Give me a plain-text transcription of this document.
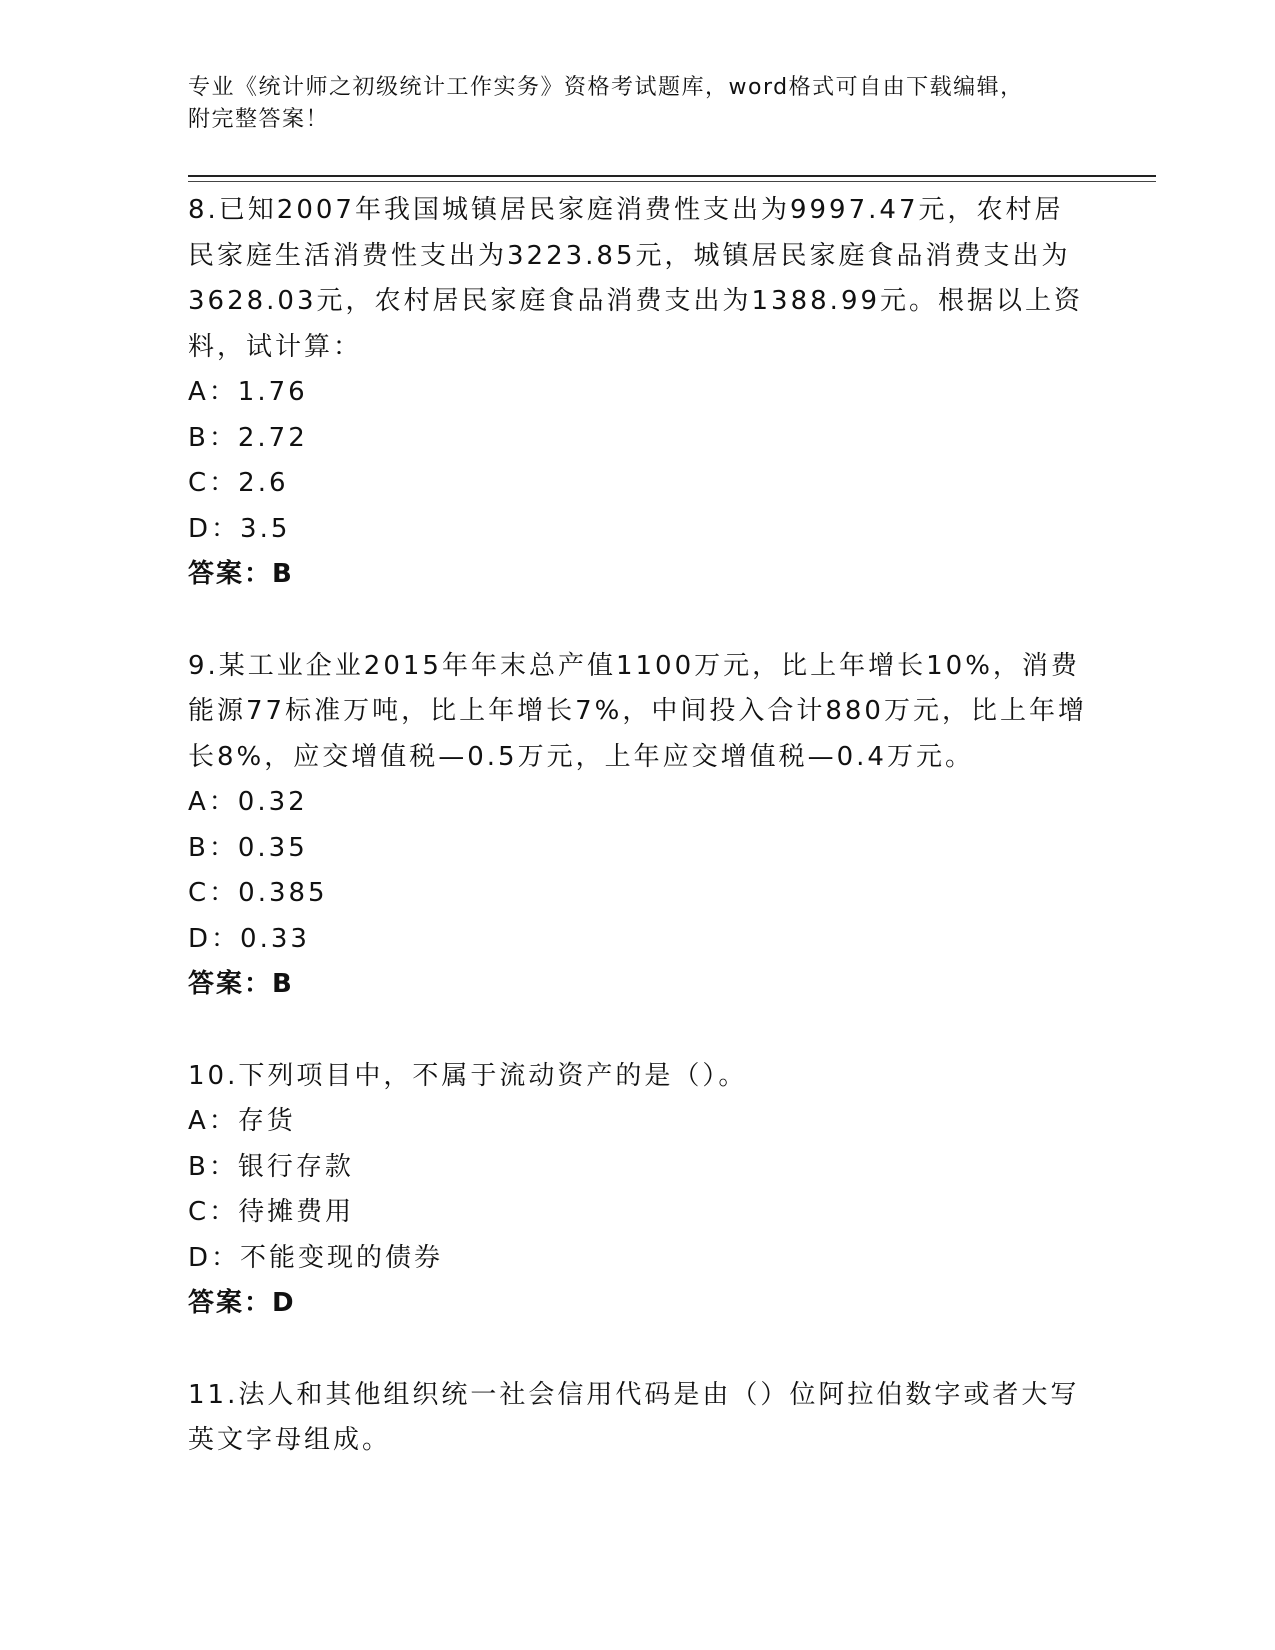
专业《统计师之初级统计工作实务》资格考试题库，word格式可自由下载编辑，
附完整答案！

8.已知2007年我国城镇居民家庭消费性支出为9997.47元，农村居民家庭生活消费性支出为3223.85元，城镇居民家庭食品消费支出为3628.03元，农村居民家庭食品消费支出为1388.99元。根据以上资料，试计算：

A：1.76
B：2.72
C：2.6
D：3.5
答案：B

9.某工业企业2015年年末总产值1100万元，比上年增长10%，消费能源77标准万吨，比上年增长7%，中间投入合计880万元，比上年增长8%，应交增值税—0.5万元，上年应交增值税—0.4万元。

A：0.32
B：0.35
C：0.385
D：0.33
答案：B

10.下列项目中，不属于流动资产的是（）。

A：存货
B：银行存款
C：待摊费用
D：不能变现的债券
答案：D

11.法人和其他组织统一社会信用代码是由（）位阿拉伯数字或者大写英文字母组成。
